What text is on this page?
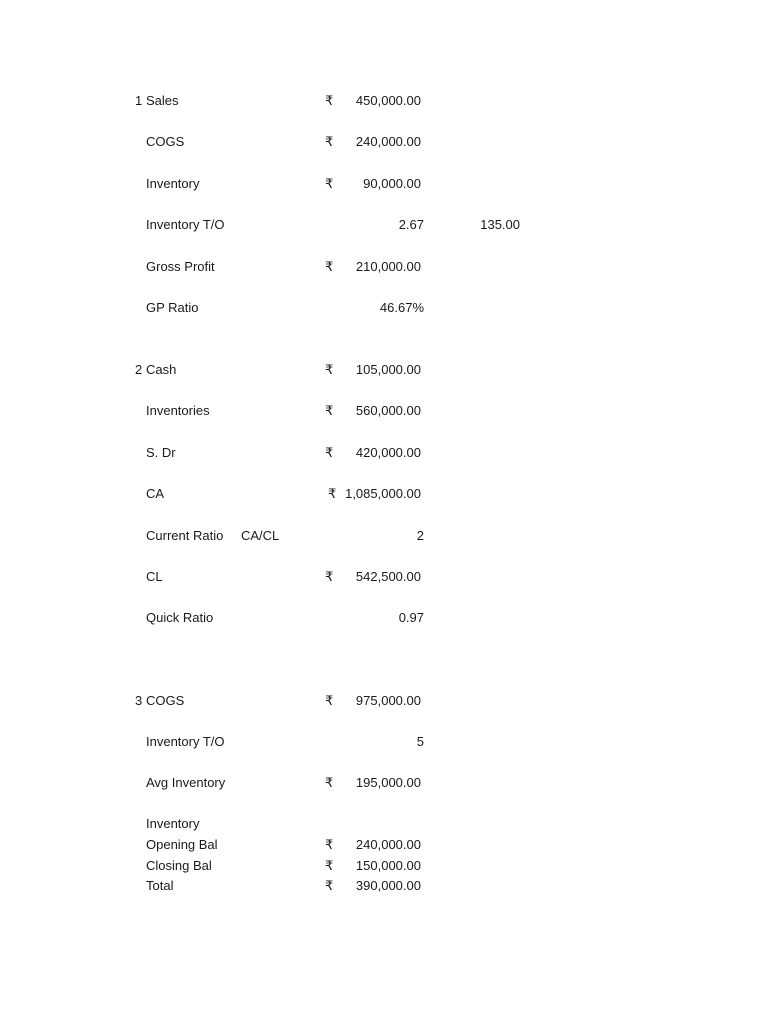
1 Sales	₹ 450,000.00
COGS	₹ 240,000.00
Inventory	₹ 90,000.00
Inventory T/O	2.67	135.00
Gross Profit	₹ 210,000.00
GP Ratio	46.67%
2 Cash	₹ 105,000.00
Inventories	₹ 560,000.00
S. Dr	₹ 420,000.00
CA	₹ 1,085,000.00
Current Ratio CA/CL	2
CL	₹ 542,500.00
Quick Ratio	0.97
3 COGS	₹ 975,000.00
Inventory T/O	5
Avg Inventory	₹ 195,000.00
Inventory
Opening Bal	₹ 240,000.00
Closing Bal	₹ 150,000.00
Total	₹ 390,000.00
